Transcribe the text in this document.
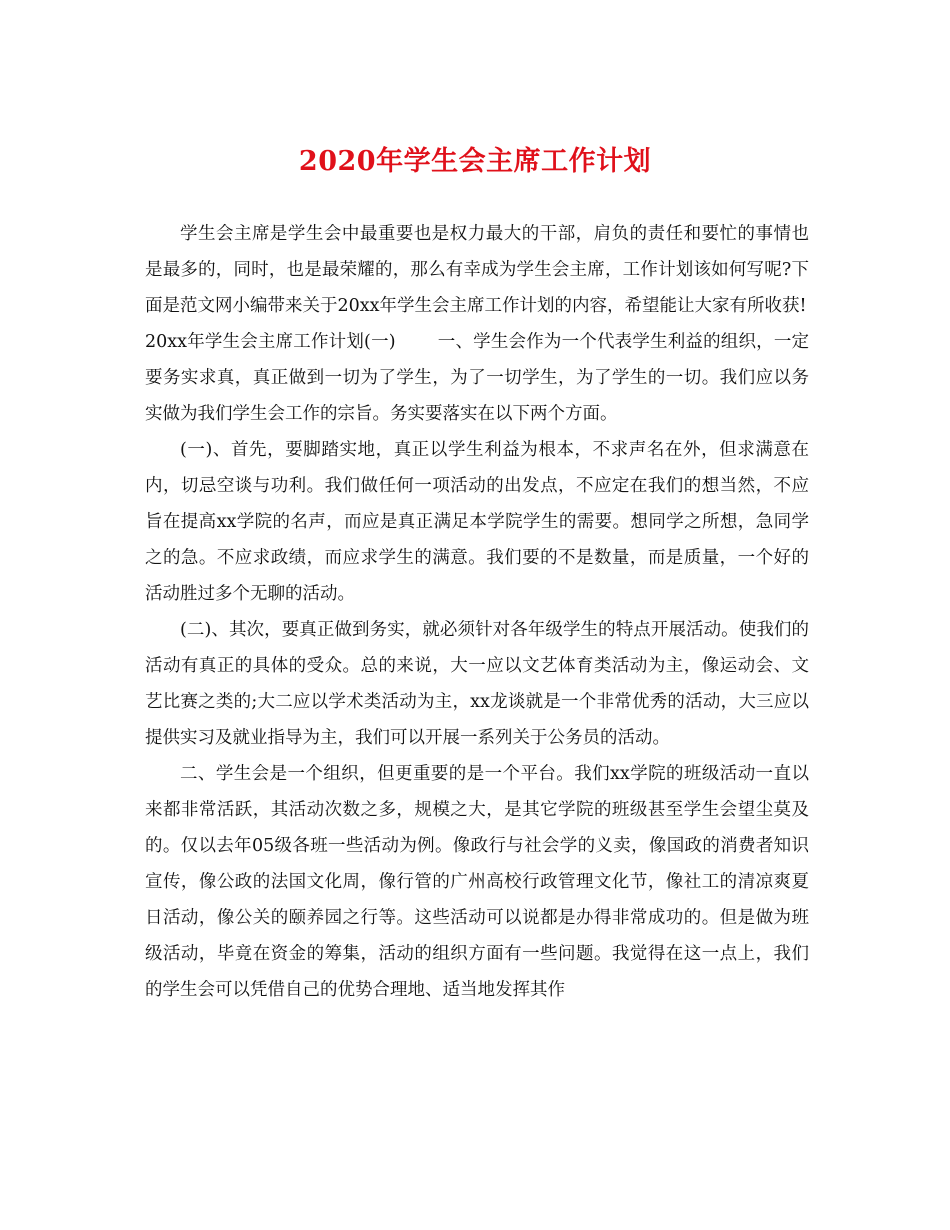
2020年学生会主席工作计划

学生会主席是学生会中最重要也是权力最大的干部，肩负的责任和要忙的事情也是最多的，同时，也是最荣耀的，那么有幸成为学生会主席，工作计划该如何写呢?下面是范文网小编带来关于20xx年学生会主席工作计划的内容，希望能让大家有所收获!

20xx年学生会主席工作计划(一) 一、学生会作为一个代表学生利益的组织，一定要务实求真，真正做到一切为了学生，为了一切学生，为了学生的一切。我们应以务实做为我们学生会工作的宗旨。务实要落实在以下两个方面。

(一)、首先，要脚踏实地，真正以学生利益为根本，不求声名在外，但求满意在内，切忌空谈与功利。我们做任何一项活动的出发点，不应定在我们的想当然，不应旨在提高xx学院的名声，而应是真正满足本学院学生的需要。想同学之所想，急同学之的急。不应求政绩，而应求学生的满意。我们要的不是数量，而是质量，一个好的活动胜过多个无聊的活动。

(二)、其次，要真正做到务实，就必须针对各年级学生的特点开展活动。使我们的活动有真正的具体的受众。总的来说，大一应以文艺体育类活动为主，像运动会、文艺比赛之类的;大二应以学术类活动为主，xx龙谈就是一个非常优秀的活动，大三应以提供实习及就业指导为主，我们可以开展一系列关于公务员的活动。

二、学生会是一个组织，但更重要的是一个平台。我们xx学院的班级活动一直以来都非常活跃，其活动次数之多，规模之大，是其它学院的班级甚至学生会望尘莫及的。仅以去年05级各班一些活动为例。像政行与社会学的义卖，像国政的消费者知识宣传，像公政的法国文化周，像行管的广州高校行政管理文化节，像社工的清凉爽夏日活动，像公关的颐养园之行等。这些活动可以说都是办得非常成功的。但是做为班级活动，毕竟在资金的筹集，活动的组织方面有一些问题。我觉得在这一点上，我们的学生会可以凭借自己的优势合理地、适当地发挥其作
